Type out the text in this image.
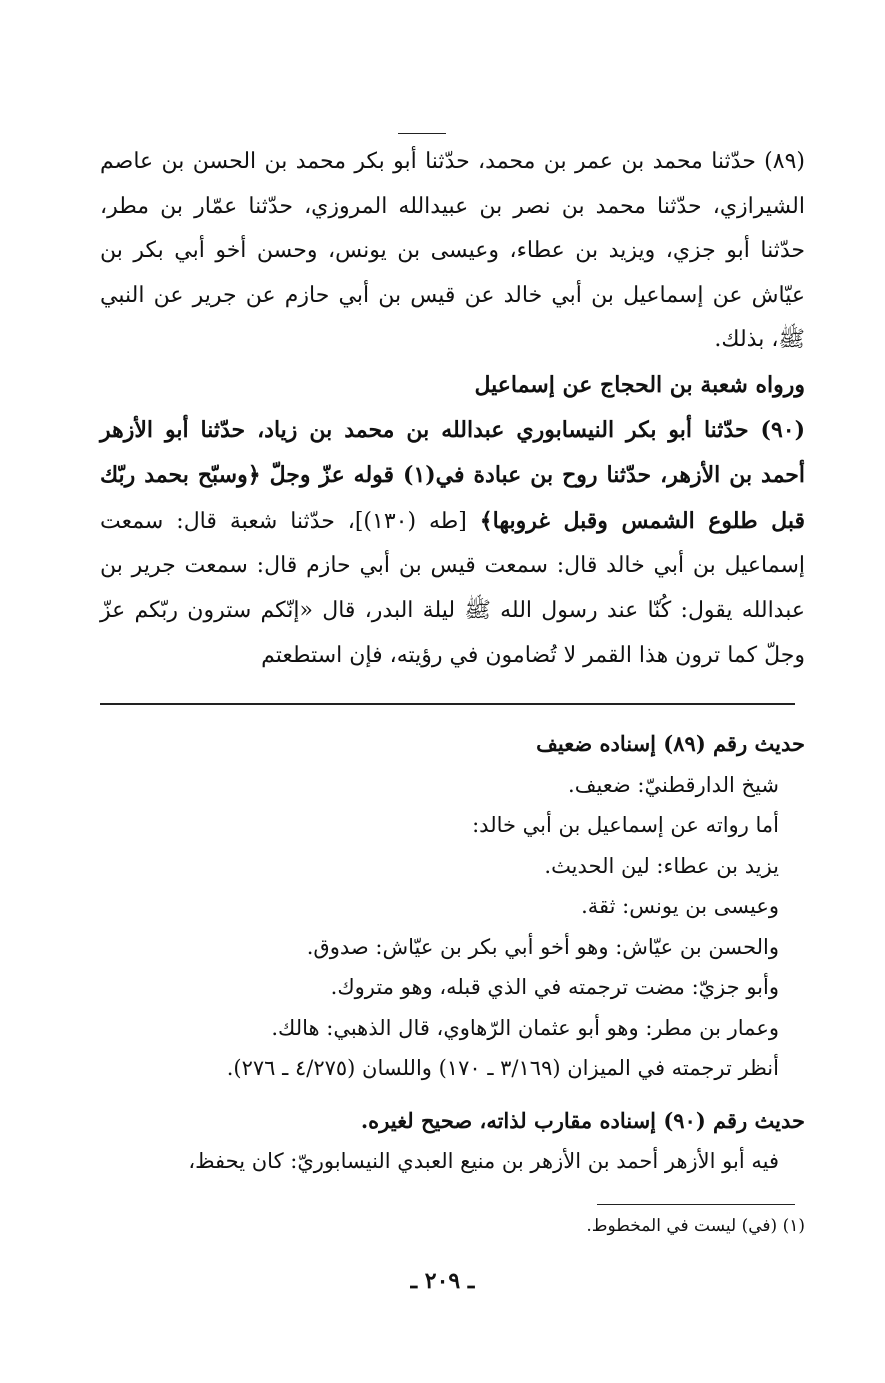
(٨٩) حدّثنا محمد بن عمر بن محمد، حدّثنا أبو بكر محمد بن الحسن بن عاصم الشيرازي، حدّثنا محمد بن نصر بن عبيدالله المروزي، حدّثنا عمّار بن مطر، حدّثنا أبو جزي، ويزيد بن عطاء، وعيسى بن يونس، وحسن أخو أبي بكر بن عيّاش عن إسماعيل بن أبي خالد عن قيس بن أبي حازم عن جرير عن النبي ﷺ، بذلك.

ورواه شعبة بن الحجاج عن إسماعيل

(٩٠) حدّثنا أبو بكر النيسابوري عبدالله بن محمد بن زياد، حدّثنا أبو الأزهر أحمد بن الأزهر، حدّثنا روح بن عبادة في(١) قوله عزّ وجلّ ﴿وسبّح بحمد ربّك قبل طلوع الشمس وقبل غروبها﴾ [طه (١٣٠)]، حدّثنا شعبة قال: سمعت إسماعيل بن أبي خالد قال: سمعت قيس بن أبي حازم قال: سمعت جرير بن عبدالله يقول: كُنّا عند رسول الله ﷺ ليلة البدر، قال «إنّكم سترون ربّكم عزّ وجلّ كما ترون هذا القمر لا تُضامون في رؤيته، فإن استطعتم

حديث رقم (٨٩) إسناده ضعيف

شيخ الدارقطنيّ: ضعيف.

أما رواته عن إسماعيل بن أبي خالد:

يزيد بن عطاء: لين الحديث.

وعيسى بن يونس: ثقة.

والحسن بن عيّاش: وهو أخو أبي بكر بن عيّاش: صدوق.

وأبو جزيّ: مضت ترجمته في الذي قبله، وهو متروك.

وعمار بن مطر: وهو أبو عثمان الرّهاوي، قال الذهبي: هالك.

أنظر ترجمته في الميزان (٣/١٦٩ ـ ١٧٠) واللسان (٤/٢٧٥ ـ ٢٧٦).

حديث رقم (٩٠) إسناده مقارب لذاته، صحيح لغيره.

فيه أبو الأزهر أحمد بن الأزهر بن منيع العبدي النيسابوريّ: كان يحفظ،

(١) (في) ليست في المخطوط.
ـ ٢٠٩ ـ
